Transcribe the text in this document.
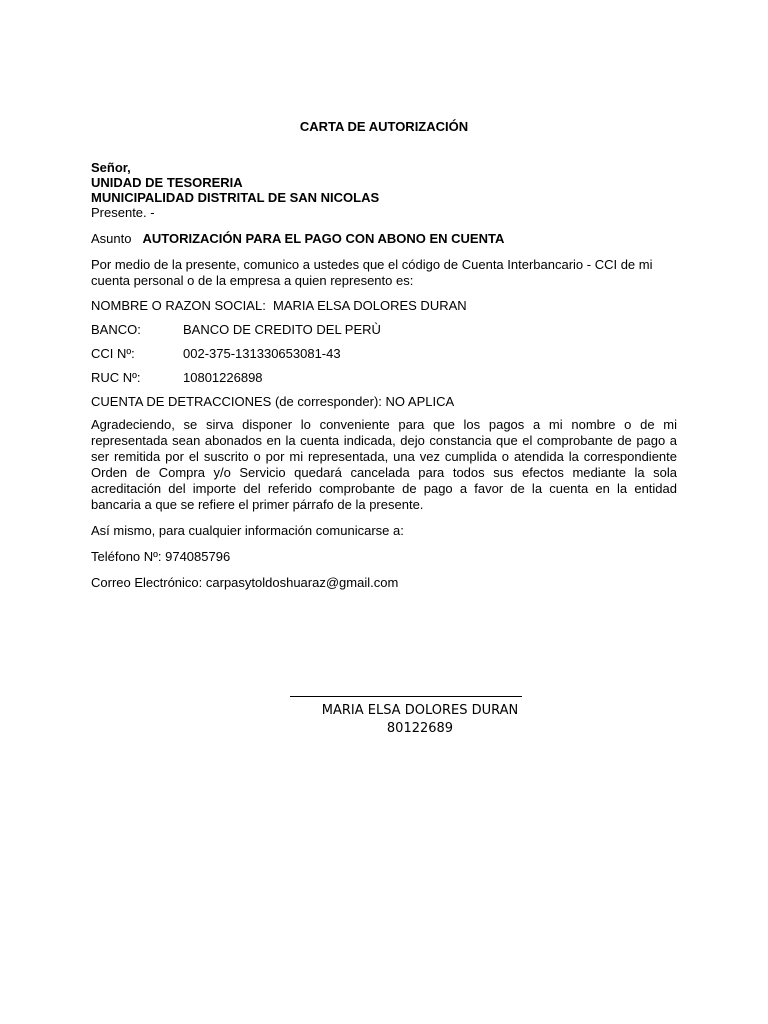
CARTA DE AUTORIZACIÓN
Señor,
UNIDAD DE TESORERIA
MUNICIPALIDAD DISTRITAL DE SAN NICOLAS
Presente. -
Asunto AUTORIZACIÓN PARA EL PAGO CON ABONO EN CUENTA
Por medio de la presente, comunico a ustedes que el código de Cuenta Interbancario - CCI de mi cuenta personal o de la empresa a quien represento es:
NOMBRE O RAZON SOCIAL: MARIA ELSA DOLORES DURAN
BANCO:	BANCO DE CREDITO DEL PERÙ
CCI Nº:	002-375-131330653081-43
RUC Nº:	10801226898
CUENTA DE DETRACCIONES (de corresponder): NO APLICA
Agradeciendo, se sirva disponer lo conveniente para que los pagos a mi nombre o de mi representada sean abonados en la cuenta indicada, dejo constancia que el comprobante de pago a ser remitida por el suscrito o por mi representada, una vez cumplida o atendida la correspondiente Orden de Compra y/o Servicio quedará cancelada para todos sus efectos mediante la sola acreditación del importe del referido comprobante de pago a favor de la cuenta en la entidad bancaria a que se refiere el primer párrafo de la presente.
Así mismo, para cualquier información comunicarse a:
Teléfono Nº: 974085796
Correo Electrónico: carpasytoldoshuaraz@gmail.com
MARIA ELSA DOLORES DURAN
80122689
